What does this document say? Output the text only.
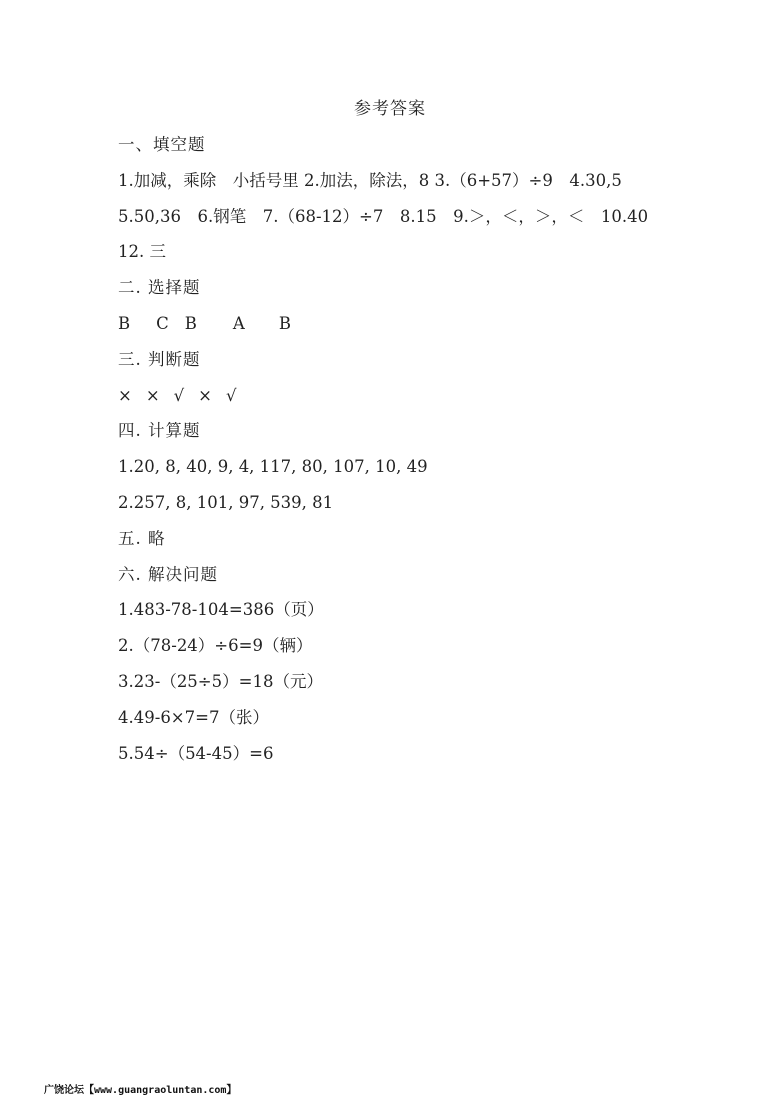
参考答案
一、填空题
1.加减，乘除　小括号里 2.加法，除法，8 3.（6+57）÷9　4.30,5
5.50,36　6.钢笔　7.（68-12）÷7　8.15　9.＞，＜，＞，＜　10.40
12. 三
二. 选择题
B C B A B
三. 判断题
× × √ × √
四. 计算题
1.20, 8, 40, 9, 4, 117, 80, 107, 10, 49
2.257, 8, 101, 97, 539, 81
五. 略
六. 解决问题
1.483-78-104=386（页）
2.（78-24）÷6=9（辆）
3.23-（25÷5）=18（元）
4.49-6×7=7（张）
5.54÷（54-45）=6
广饶论坛【www.guangraoluntan.com】
